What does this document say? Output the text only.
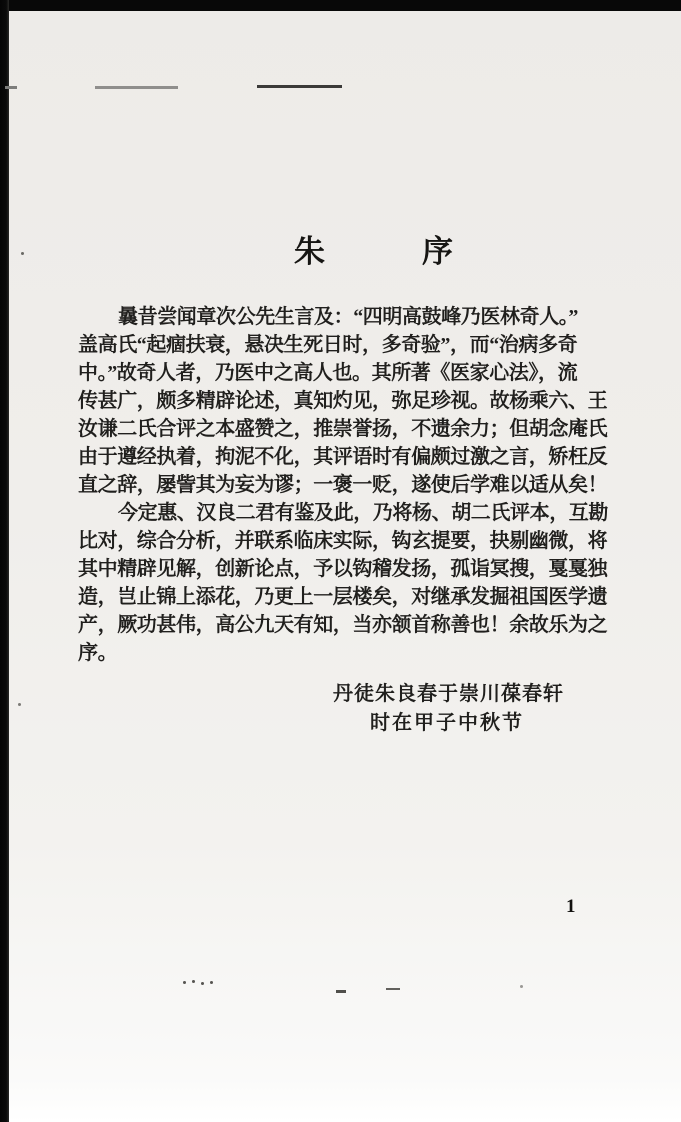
朱　　　序
曩昔尝闻章次公先生言及：“四明高鼓峰乃医林奇人。”
盖高氏“起痼扶衰，悬决生死日时，多奇验”，而“治病多奇
中。”故奇人者，乃医中之高人也。其所著《医家心法》，流
传甚广，颇多精辟论述，真知灼见，弥足珍视。故杨乘六、王
汝谦二氏合评之本盛赞之，推崇誉扬，不遗余力；但胡念庵氏
由于遵经执着，拘泥不化，其评语时有偏颇过激之言，矫枉反
直之辞，屡訾其为妄为谬；一褒一贬，遂使后学难以适从矣！
今定惠、汉良二君有鉴及此，乃将杨、胡二氏评本，互勘
比对，综合分析，并联系临床实际，钩玄提要，抉剔幽微，将
其中精辟见解，创新论点，予以钩稽发扬，孤诣冥搜，戛戛独
造，岂止锦上添花，乃更上一层楼矣，对继承发掘祖国医学遗
产，厥功甚伟，高公九天有知，当亦颔首称善也！余故乐为之
序。
丹徒朱良春于崇川葆春轩
时在甲子中秋节
1
